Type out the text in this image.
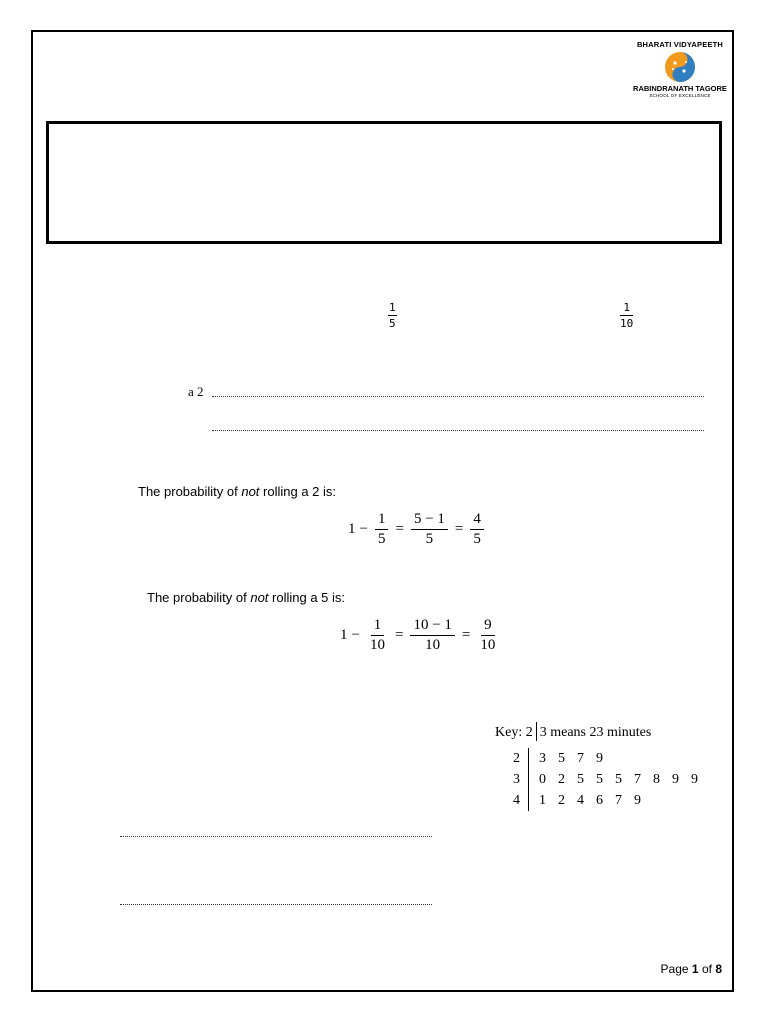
BHARATI VIDYAPEETH
RABINDRANATH TAGORE
SCHOOL OF EXCELLENCE
$\frac{1}{5}$	$\frac{1}{10}$
a 2
The probability of not rolling a 2 is:
$1 - \frac{1}{5} = \frac{5 - 1}{5} = \frac{4}{5}$
The probability of not rolling a 5 is:
$1 - \frac{1}{10} = \frac{10 - 1}{10} = \frac{9}{10}$
Key: 2 3 means 23 minutes
2	3 5 7 9
3	0 2 5 5 5 7 8 9 9
4	1 2 4 6 7 9
Page 1 of 8
